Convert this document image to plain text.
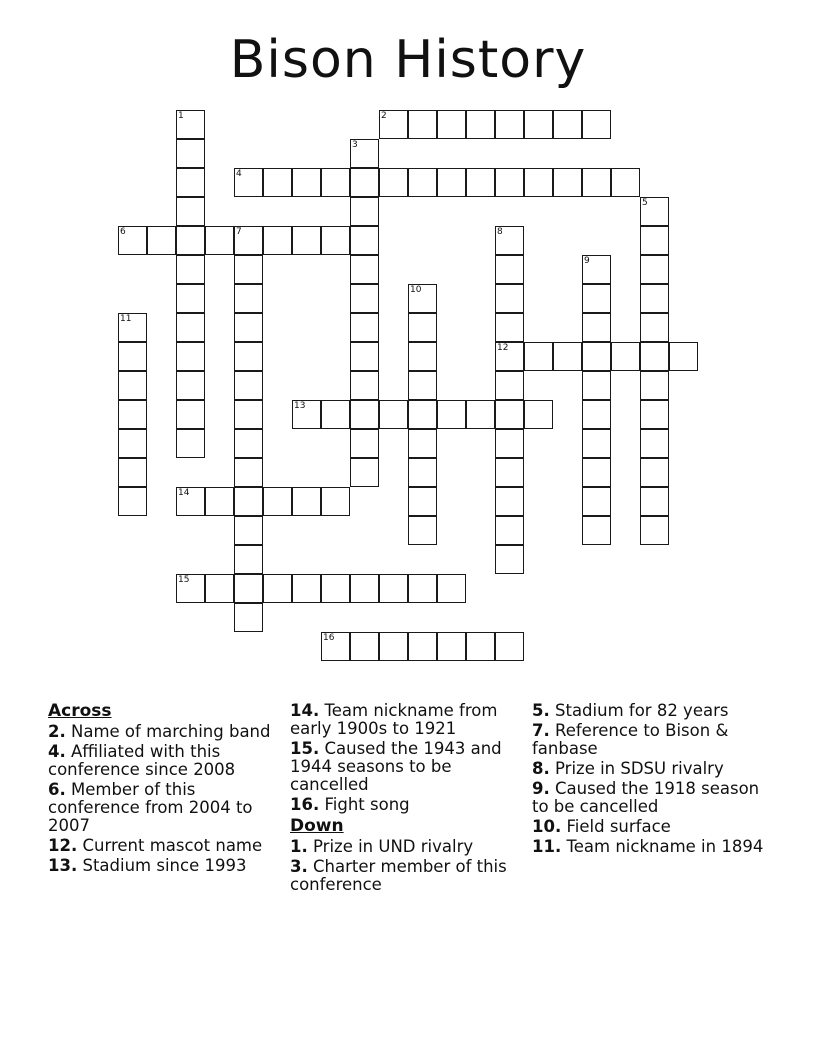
Bison History
1	2
3
4
5
6	7	8
9
10
11
12
13
14
15
16
Across
2. Name of marching band
4. Affiliated with this conference since 2008
6. Member of this conference from 2004 to 2007
12. Current mascot name
13. Stadium since 1993
14. Team nickname from early 1900s to 1921
15. Caused the 1943 and 1944 seasons to be cancelled
16. Fight song
Down
1. Prize in UND rivalry
3. Charter member of this conference
5. Stadium for 82 years
7. Reference to Bison & fanbase
8. Prize in SDSU rivalry
9. Caused the 1918 season to be cancelled
10. Field surface
11. Team nickname in 1894
